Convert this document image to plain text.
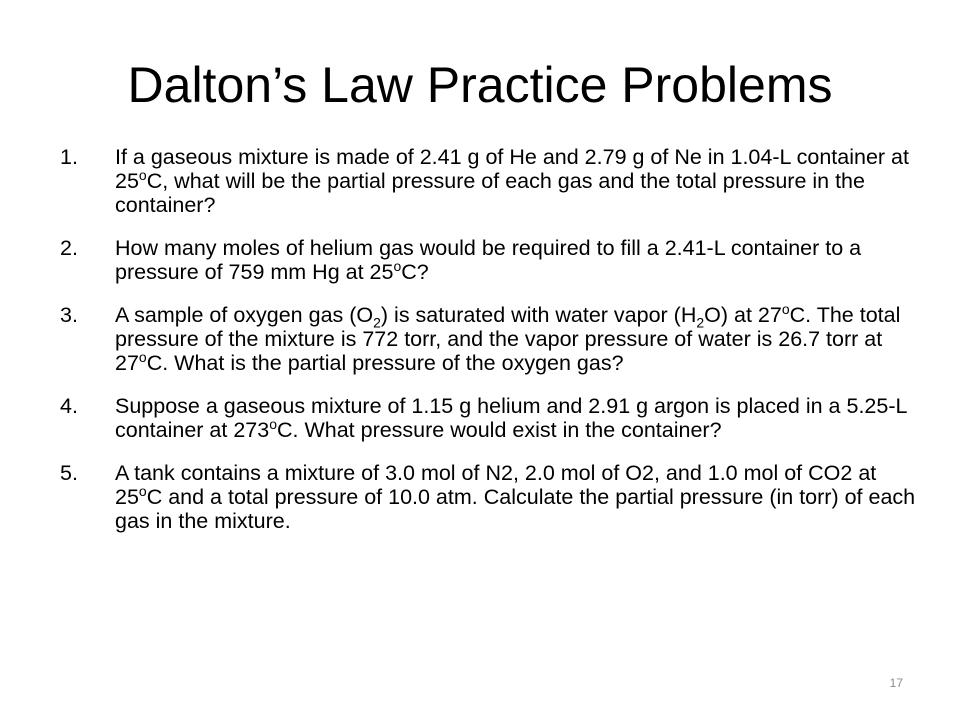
Dalton’s Law Practice Problems
1. If a gaseous mixture is made of 2.41 g of He and 2.79 g of Ne in 1.04-L container at 25$^o$C, what will be the partial pressure of each gas and the total pressure in the container?
2. How many moles of helium gas would be required to fill a 2.41-L container to a pressure of 759 mm Hg at 25$^o$C?
3. A sample of oxygen gas $(O_2)$ is saturated with water vapor $(H_2O)$ at 27$^o$C. The total pressure of the mixture is 772 torr, and the vapor pressure of water is 26.7 torr at 27$^o$C. What is the partial pressure of the oxygen gas?
4. Suppose a gaseous mixture of 1.15 g helium and 2.91 g argon is placed in a 5.25-L container at 273$^o$C. What pressure would exist in the container?
5. A tank contains a mixture of 3.0 mol of N2, 2.0 mol of O2, and 1.0 mol of CO2 at 25$^o$C and a total pressure of 10.0 atm. Calculate the partial pressure (in torr) of each gas in the mixture.
17
